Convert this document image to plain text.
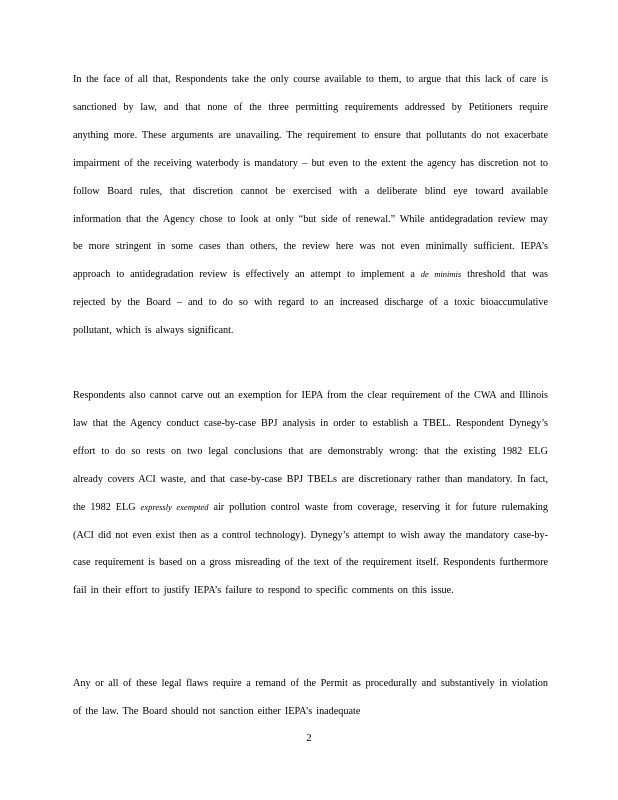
In the face of all that, Respondents take the only course available to them, to argue that this lack of care is sanctioned by law, and that none of the three permitting requirements addressed by Petitioners require anything more. These arguments are unavailing. The requirement to ensure that pollutants do not exacerbate impairment of the receiving waterbody is mandatory – but even to the extent the agency has discretion not to follow Board rules, that discretion cannot be exercised with a deliberate blind eye toward available information that the Agency chose to look at only “but side of renewal.” While antidegradation review may be more stringent in some cases than others, the review here was not even minimally sufficient. IEPA’s approach to antidegradation review is effectively an attempt to implement a de minimis threshold that was rejected by the Board – and to do so with regard to an increased discharge of a toxic bioaccumulative pollutant, which is always significant.

Respondents also cannot carve out an exemption for IEPA from the clear requirement of the CWA and Illinois law that the Agency conduct case-by-case BPJ analysis in order to establish a TBEL. Respondent Dynegy’s effort to do so rests on two legal conclusions that are demonstrably wrong: that the existing 1982 ELG already covers ACI waste, and that case-by-case BPJ TBELs are discretionary rather than mandatory. In fact, the 1982 ELG expressly exempted air pollution control waste from coverage, reserving it for future rulemaking (ACI did not even exist then as a control technology). Dynegy’s attempt to wish away the mandatory case-by-case requirement is based on a gross misreading of the text of the requirement itself. Respondents furthermore fail in their effort to justify IEPA’s failure to respond to specific comments on this issue.

Any or all of these legal flaws require a remand of the Permit as procedurally and substantively in violation of the law. The Board should not sanction either IEPA’s inadequate

2
